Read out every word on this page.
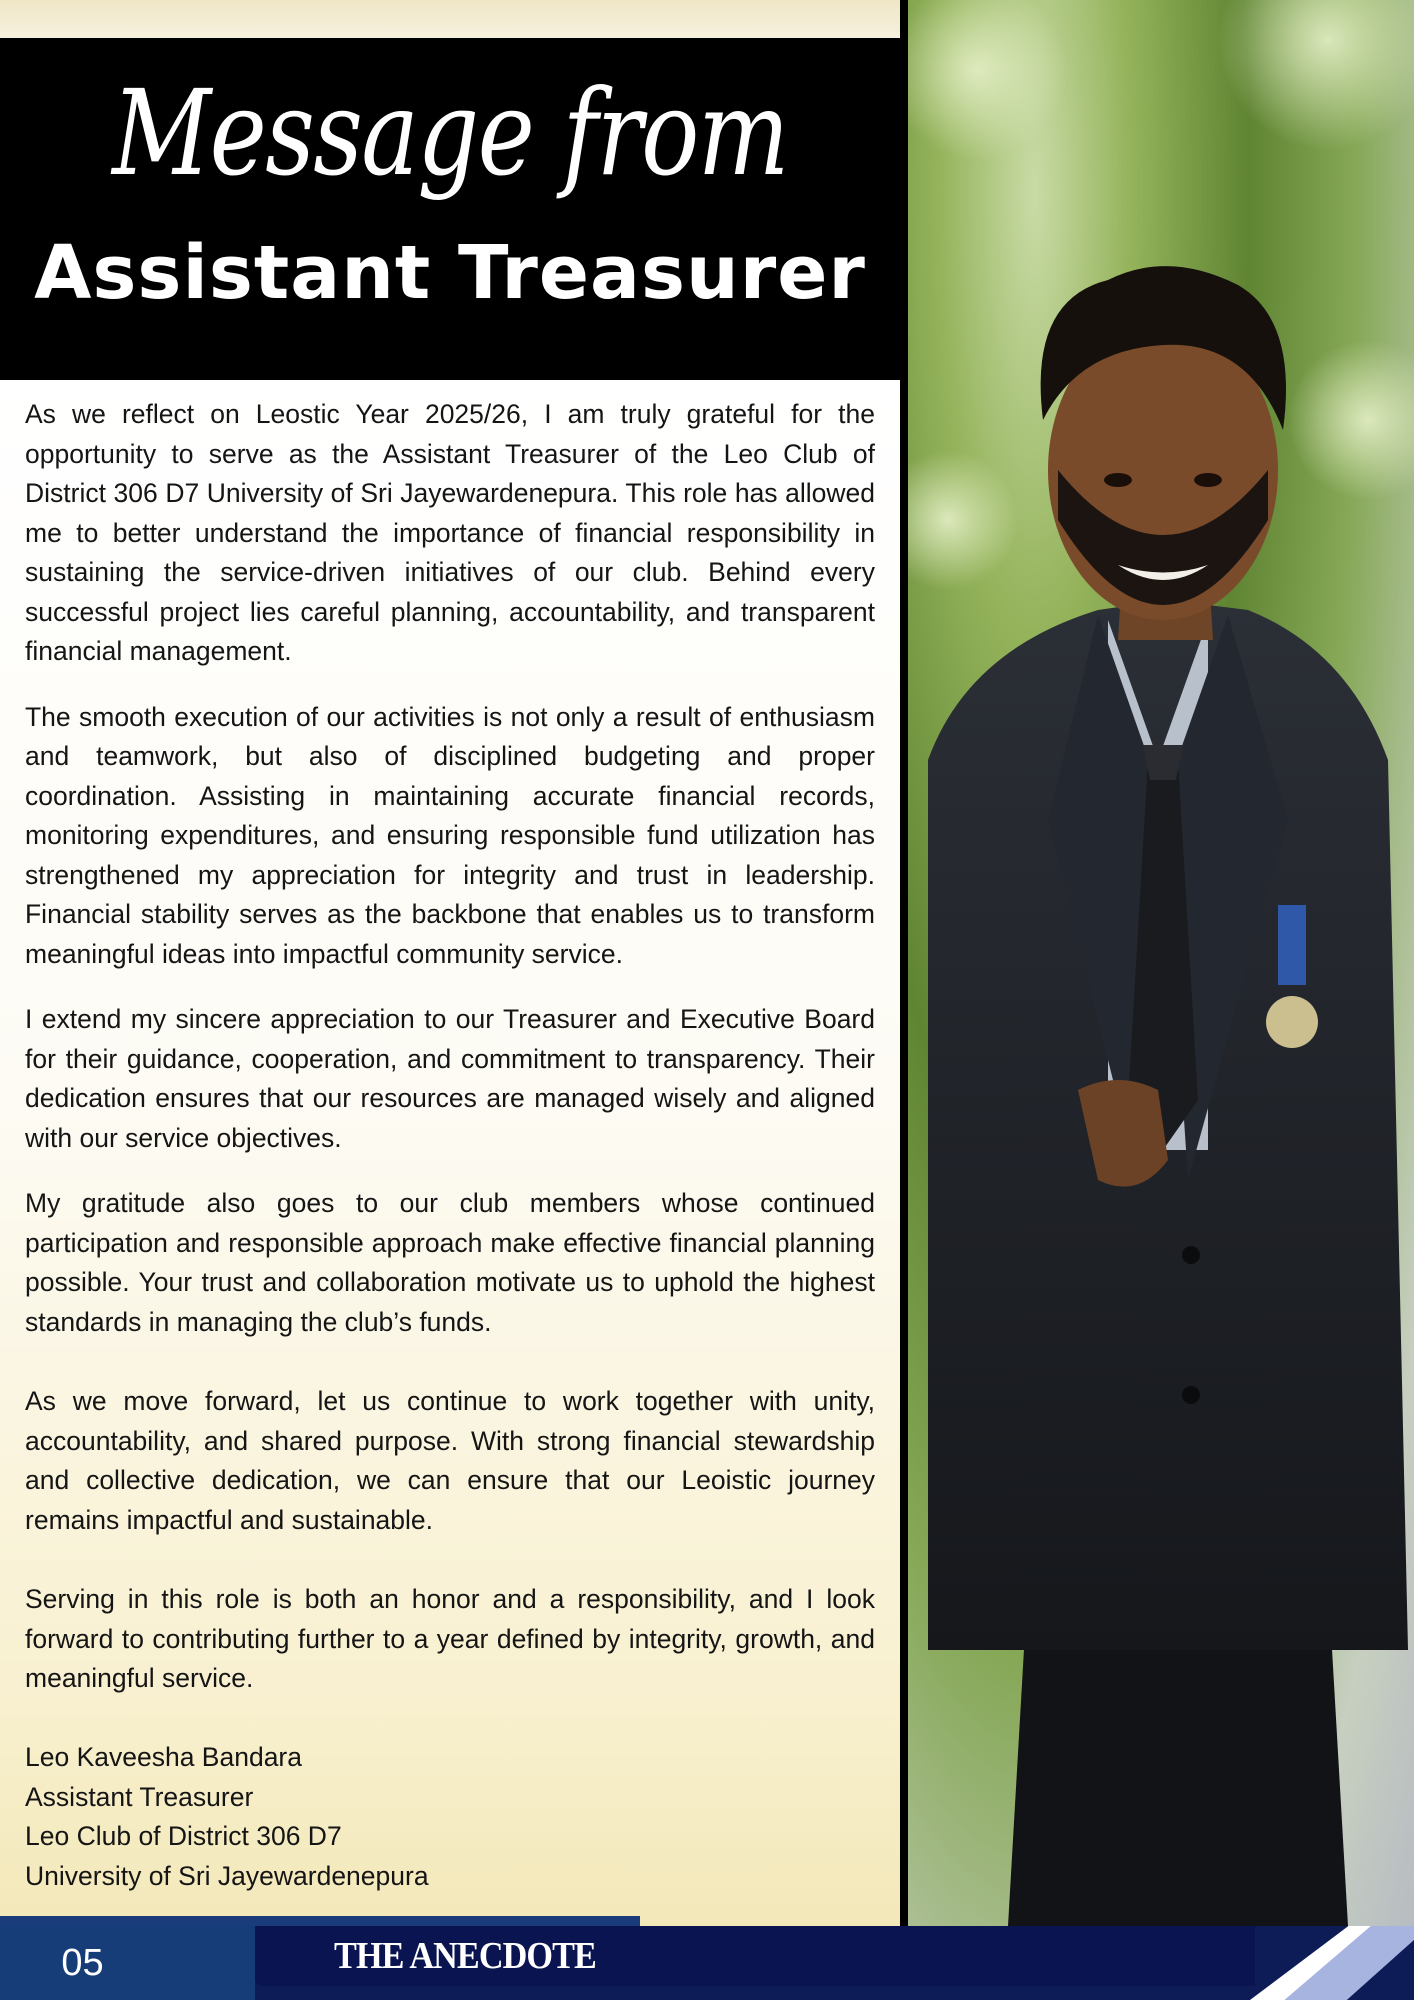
Message from
Assistant Treasurer

As we reflect on Leostic Year 2025/26, I am truly grateful for the opportunity to serve as the Assistant Treasurer of the Leo Club of District 306 D7 University of Sri Jayewardenepura. This role has allowed me to better understand the importance of financial responsibility in sustaining the service-driven initiatives of our club. Behind every successful project lies careful planning, accountability, and transparent financial management.

The smooth execution of our activities is not only a result of enthusiasm and teamwork, but also of disciplined budgeting and proper coordination. Assisting in maintaining accurate financial records, monitoring expenditures, and ensuring responsible fund utilization has strengthened my appreciation for integrity and trust in leadership. Financial stability serves as the backbone that enables us to transform meaningful ideas into impactful community service.

I extend my sincere appreciation to our Treasurer and Executive Board for their guidance, cooperation, and commitment to transparency. Their dedication ensures that our resources are managed wisely and aligned with our service objectives.

My gratitude also goes to our club members whose continued participation and responsible approach make effective financial planning possible. Your trust and collaboration motivate us to uphold the highest standards in managing the club’s funds.

As we move forward, let us continue to work together with unity, accountability, and shared purpose. With strong financial stewardship and collective dedication, we can ensure that our Leoistic journey remains impactful and sustainable.

Serving in this role is both an honor and a responsibility, and I look forward to contributing further to a year defined by integrity, growth, and meaningful service.

Leo Kaveesha Bandara
Assistant Treasurer
Leo Club of District 306 D7
University of Sri Jayewardenepura
05	THE ANECDOTE
